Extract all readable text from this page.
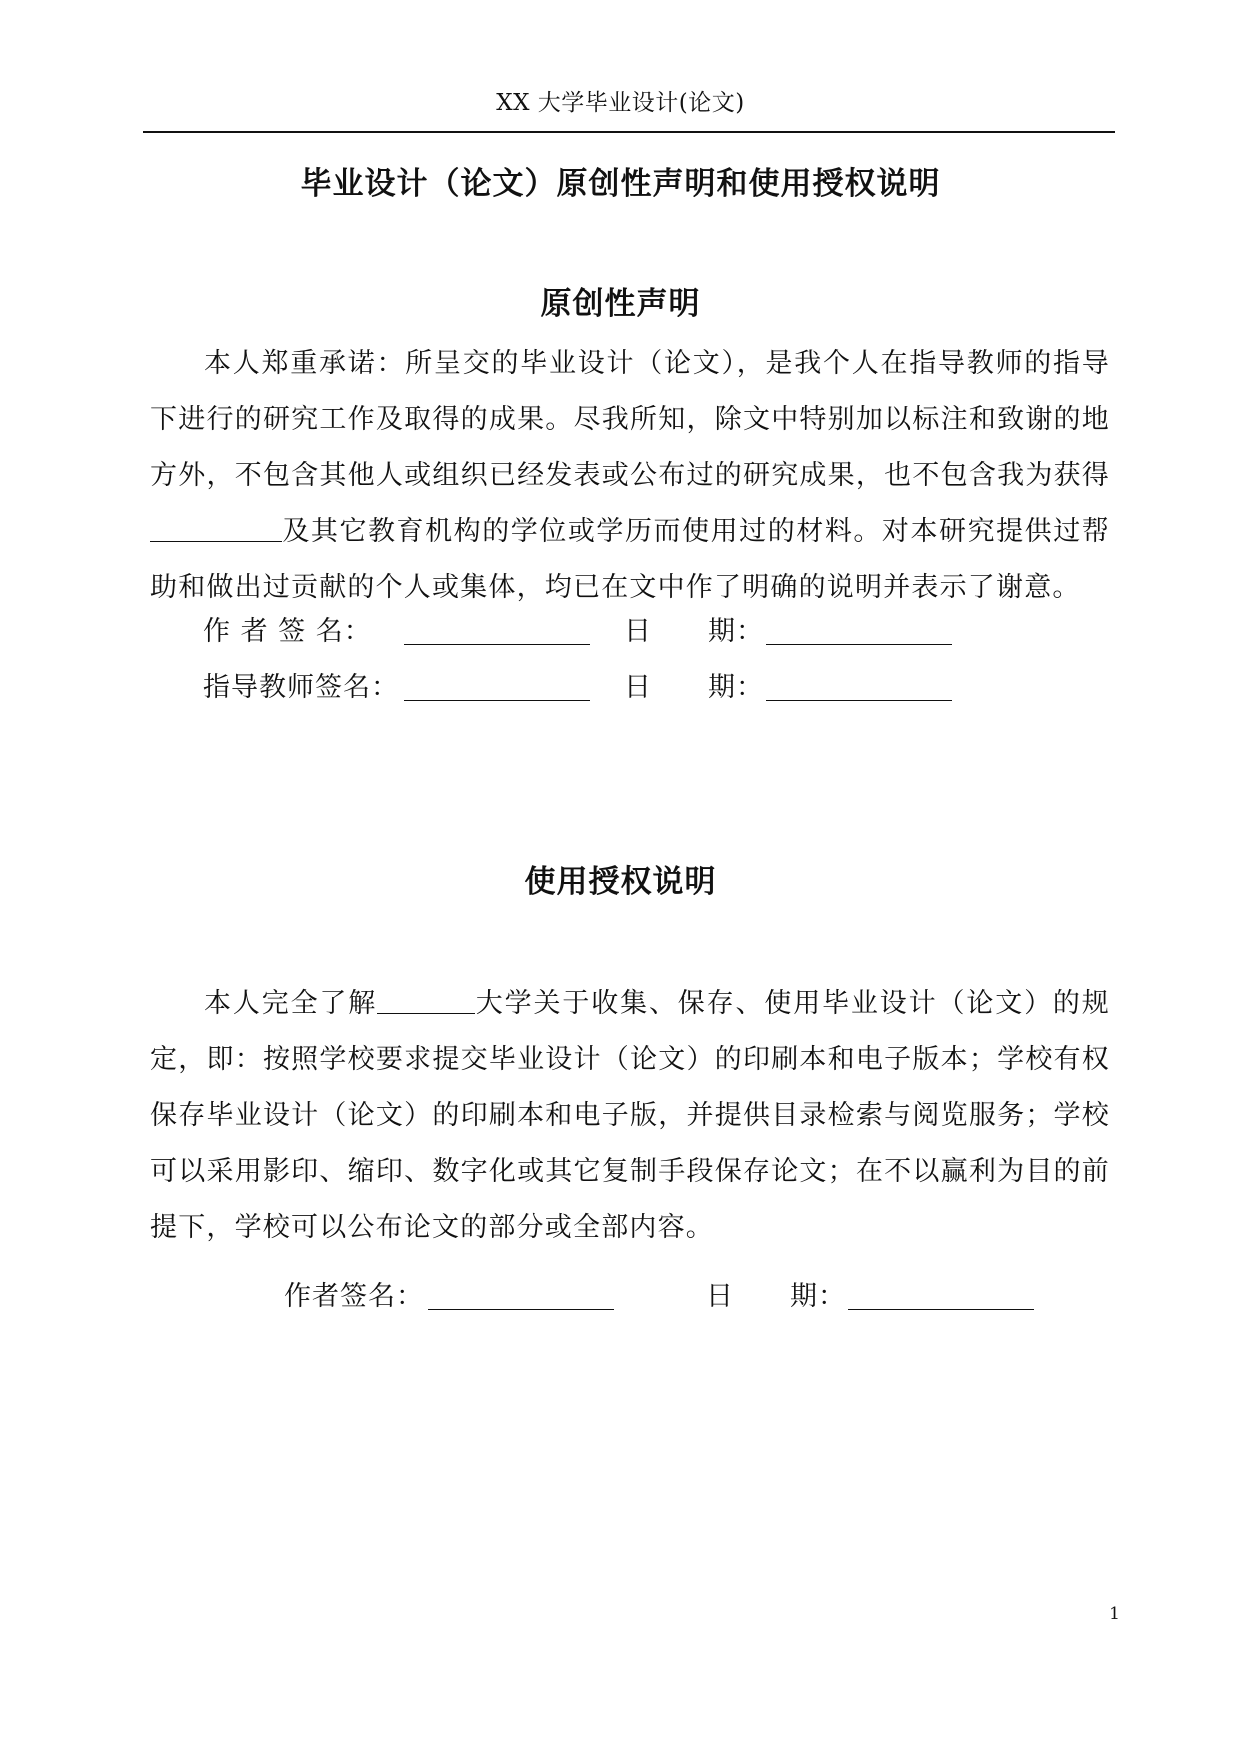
XX 大学毕业设计(论文)
毕业设计（论文）原创性声明和使用授权说明
原创性声明

本人郑重承诺：所呈交的毕业设计（论文），是我个人在指导教师的指导下进行的研究工作及取得的成果。尽我所知，除文中特别加以标注和致谢的地方外，不包含其他人或组织已经发表或公布过的研究成果，也不包含我为获得及其它教育机构的学位或学历而使用过的材料。对本研究提供过帮助和做出过贡献的个人或集体，均已在文中作了明确的说明并表示了谢意。

作 者 签 名：	日 期：
指导教师签名：	日 期：
使用授权说明

本人完全了解	大学关于收集、保存、使用毕业设计（论文）的规定，即：按照学校要求提交毕业设计（论文）的印刷本和电子版本；学校有权保存毕业设计（论文）的印刷本和电子版，并提供目录检索与阅览服务；学校可以采用影印、缩印、数字化或其它复制手段保存论文；在不以赢利为目的前提下，学校可以公布论文的部分或全部内容。

作者签名：	日 期：
1
